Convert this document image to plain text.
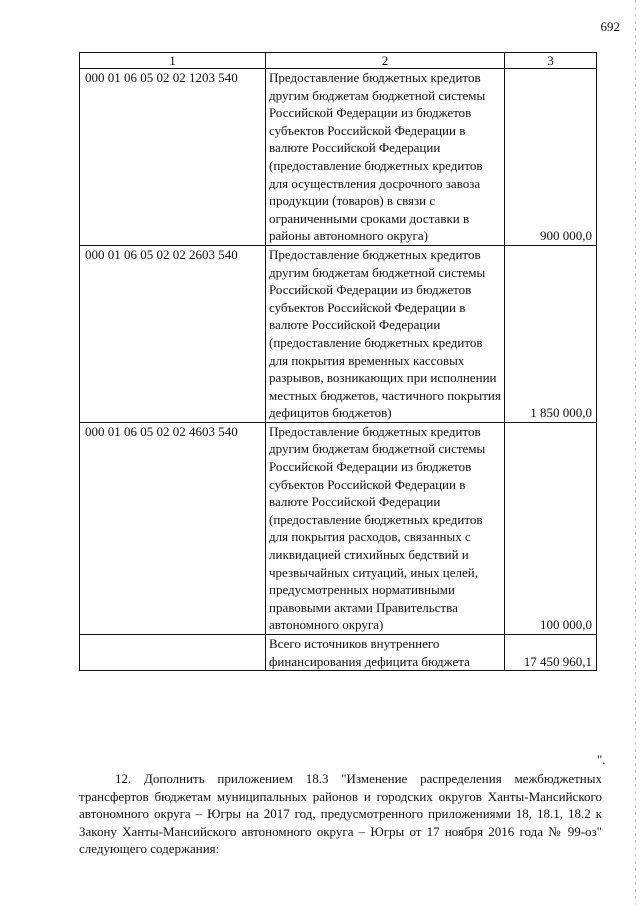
692
1	2	3
000 01 06 05 02 02 1203 540	Предоставление бюджетных кредитов другим бюджетам бюджетной системы Российской Федерации из бюджетов субъектов Российской Федерации в валюте Российской Федерации (предоставление бюджетных кредитов для осуществления досрочного завоза продукции (товаров) в связи с ограниченными сроками доставки в районы автономного округа)	900 000,0
000 01 06 05 02 02 2603 540	Предоставление бюджетных кредитов другим бюджетам бюджетной системы Российской Федерации из бюджетов субъектов Российской Федерации в валюте Российской Федерации (предоставление бюджетных кредитов для покрытия временных кассовых разрывов, возникающих при исполнении местных бюджетов, частичного покрытия дефицитов бюджетов)	1 850 000,0
000 01 06 05 02 02 4603 540	Предоставление бюджетных кредитов другим бюджетам бюджетной системы Российской Федерации из бюджетов субъектов Российской Федерации в валюте Российской Федерации (предоставление бюджетных кредитов для покрытия расходов, связанных с ликвидацией стихийных бедствий и чрезвычайных ситуаций, иных целей, предусмотренных нормативными правовыми актами Правительства автономного округа)	100 000,0
	Всего источников внутреннего финансирования дефицита бюджета	17 450 960,1
".
12. Дополнить приложением 18.3 "Изменение распределения межбюджетных трансфертов бюджетам муниципальных районов и городских округов Ханты-Мансийского автономного округа – Югры на 2017 год, предусмотренного приложениями 18, 18.1, 18.2 к Закону Ханты-Мансийского автономного округа – Югры от 17 ноября 2016 года № 99-оз" следующего содержания:
